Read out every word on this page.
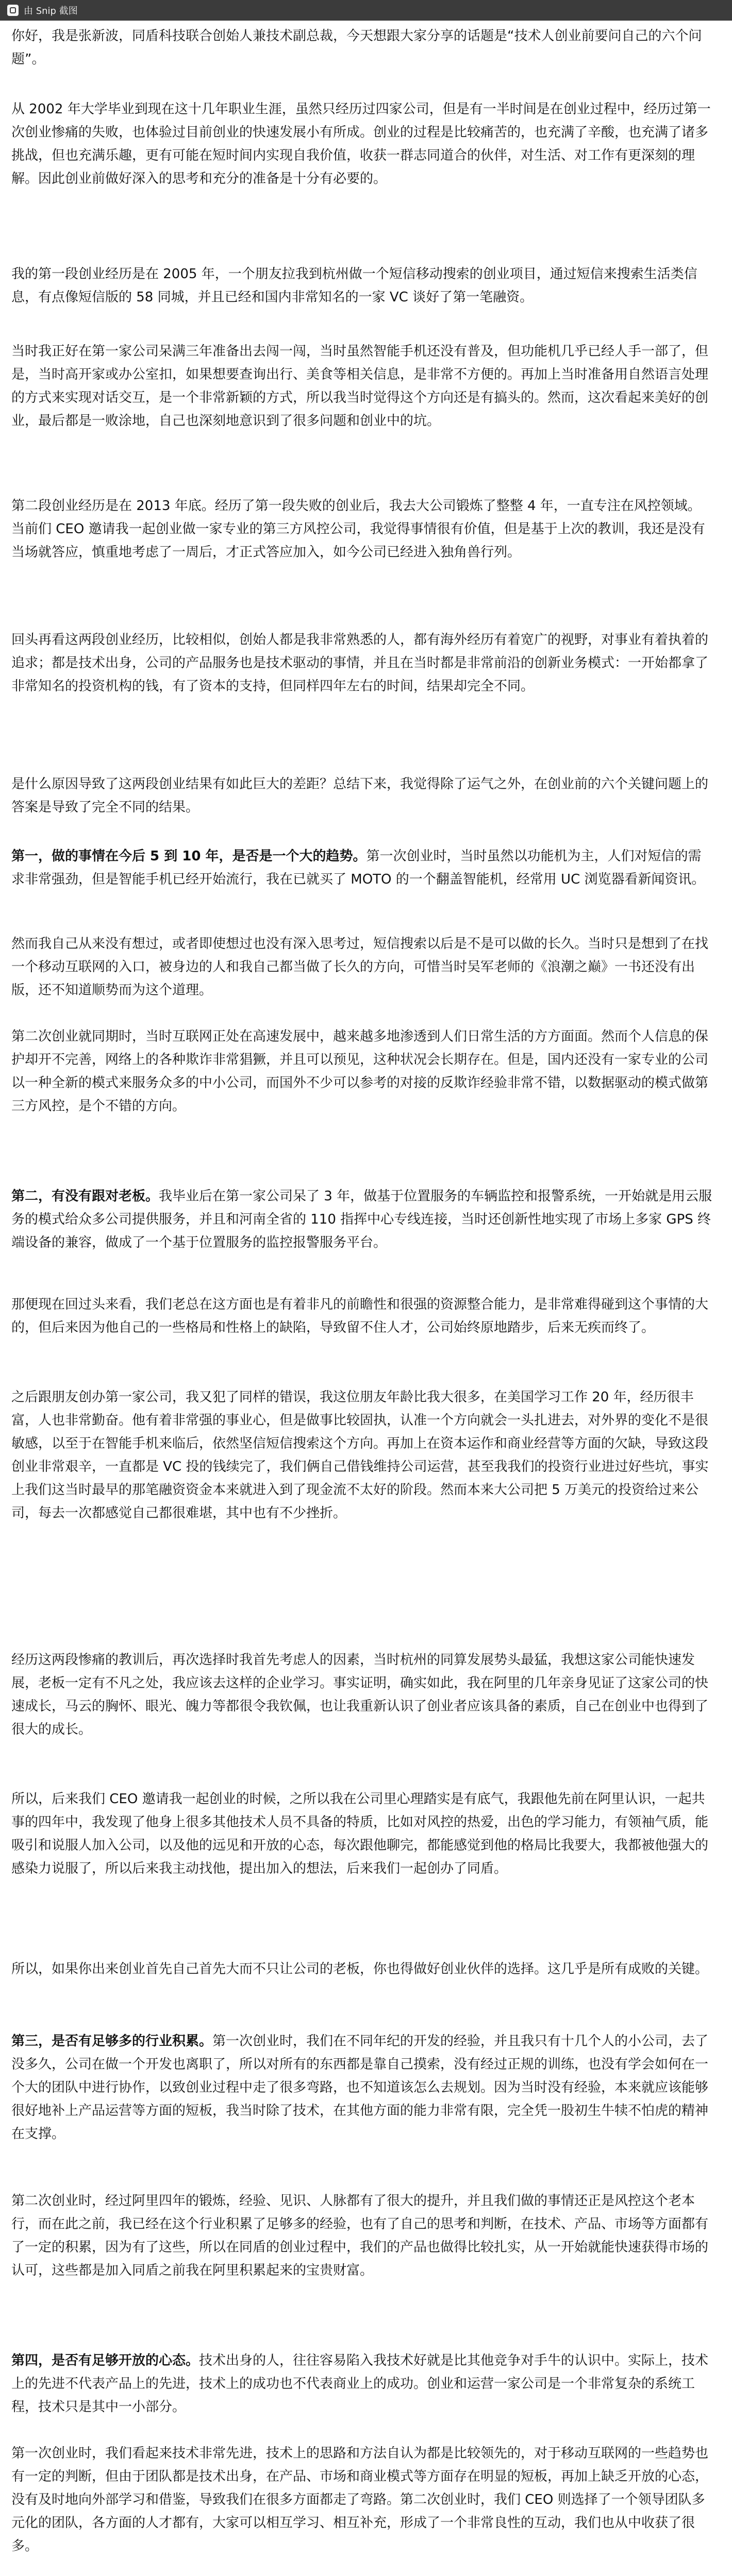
由 Snip 截图

你好，我是张新波，同盾科技联合创始人兼技术副总裁，今天想跟大家分享的话题是“技术人创业前要问自己的六个问题”。

从 2002 年大学毕业到现在这十几年职业生涯，虽然只经历过四家公司，但是有一半时间是在创业过程中，经历过第一次创业惨痛的失败，也体验过目前创业的快速发展小有所成。创业的过程是比较痛苦的，也充满了辛酸，也充满了诸多挑战，但也充满乐趣，更有可能在短时间内实现自我价值，收获一群志同道合的伙伴，对生活、对工作有更深刻的理解。因此创业前做好深入的思考和充分的准备是十分有必要的。

我的第一段创业经历是在 2005 年，一个朋友拉我到杭州做一个短信移动搜索的创业项目，通过短信来搜索生活类信息，有点像短信版的 58 同城，并且已经和国内非常知名的一家 VC 谈好了第一笔融资。

当时我正好在第一家公司呆满三年准备出去闯一闯，当时虽然智能手机还没有普及，但功能机几乎已经人手一部了，但是，当时高开家或办公室扣，如果想要查询出行、美食等相关信息，是非常不方便的。再加上当时准备用自然语言处理的方式来实现对话交互，是一个非常新颖的方式，所以我当时觉得这个方向还是有搞头的。然而，这次看起来美好的创业，最后都是一败涂地，自己也深刻地意识到了很多问题和创业中的坑。

第二段创业经历是在 2013 年底。经历了第一段失败的创业后，我去大公司锻炼了整整 4 年，一直专注在风控领域。当前们 CEO 邀请我一起创业做一家专业的第三方风控公司，我觉得事情很有价值，但是基于上次的教训，我还是没有当场就答应，慎重地考虑了一周后，才正式答应加入，如今公司已经进入独角兽行列。

回头再看这两段创业经历，比较相似，创始人都是我非常熟悉的人，都有海外经历有着宽广的视野，对事业有着执着的追求；都是技术出身，公司的产品服务也是技术驱动的事情，并且在当时都是非常前沿的创新业务模式：一开始都拿了非常知名的投资机构的钱，有了资本的支持，但同样四年左右的时间，结果却完全不同。

是什么原因导致了这两段创业结果有如此巨大的差距？总结下来，我觉得除了运气之外，在创业前的六个关键问题上的答案是导致了完全不同的结果。

第一，做的事情在今后 5 到 10 年，是否是一个大的趋势。第一次创业时，当时虽然以功能机为主，人们对短信的需求非常强劲，但是智能手机已经开始流行，我在已就买了 MOTO 的一个翻盖智能机，经常用 UC 浏览器看新闻资讯。

然而我自己从来没有想过，或者即使想过也没有深入思考过，短信搜索以后是不是可以做的长久。当时只是想到了在找一个移动互联网的入口，被身边的人和我自己都当做了长久的方向，可惜当时吴军老师的《浪潮之巅》一书还没有出版，还不知道顺势而为这个道理。

第二次创业就同期时，当时互联网正处在高速发展中，越来越多地渗透到人们日常生活的方方面面。然而个人信息的保护却开不完善，网络上的各种欺诈非常猖獗，并且可以预见，这种状况会长期存在。但是，国内还没有一家专业的公司以一种全新的模式来服务众多的中小公司，而国外不少可以参考的对接的反欺诈经验非常不错，以数据驱动的模式做第三方风控，是个不错的方向。

第二，有没有跟对老板。我毕业后在第一家公司呆了 3 年，做基于位置服务的车辆监控和报警系统，一开始就是用云服务的模式给众多公司提供服务，并且和河南全省的 110 指挥中心专线连接，当时还创新性地实现了市场上多家 GPS 终端设备的兼容，做成了一个基于位置服务的监控报警服务平台。

那便现在回过头来看，我们老总在这方面也是有着非凡的前瞻性和很强的资源整合能力，是非常难得碰到这个事情的大的，但后来因为他自己的一些格局和性格上的缺陷，导致留不住人才，公司始终原地踏步，后来无疾而终了。

之后跟朋友创办第一家公司，我又犯了同样的错误，我这位朋友年龄比我大很多，在美国学习工作 20 年，经历很丰富，人也非常勤奋。他有着非常强的事业心，但是做事比较固执，认准一个方向就会一头扎进去，对外界的变化不是很敏感，以至于在智能手机来临后，依然坚信短信搜索这个方向。再加上在资本运作和商业经营等方面的欠缺，导致这段创业非常艰辛，一直都是 VC 投的钱续完了，我们俩自己借钱维持公司运营，甚至我我们的投资行业进过好些坑，事实上我们这当时最早的那笔融资资金本来就进入到了现金流不太好的阶段。然而本来大公司把 5 万美元的投资给过来公司，每去一次都感觉自己都很难堪，其中也有不少挫折。

经历这两段惨痛的教训后，再次选择时我首先考虑人的因素，当时杭州的同算发展势头最猛，我想这家公司能快速发展，老板一定有不凡之处，我应该去这样的企业学习。事实证明，确实如此，我在阿里的几年亲身见证了这家公司的快速成长，马云的胸怀、眼光、魄力等都很令我钦佩，也让我重新认识了创业者应该具备的素质，自己在创业中也得到了很大的成长。

所以，后来我们 CEO 邀请我一起创业的时候，之所以我在公司里心理踏实是有底气，我跟他先前在阿里认识，一起共事的四年中，我发现了他身上很多其他技术人员不具备的特质，比如对风控的热爱，出色的学习能力，有领袖气质，能吸引和说服人加入公司，以及他的远见和开放的心态，每次跟他聊完，都能感觉到他的格局比我要大，我都被他强大的感染力说服了，所以后来我主动找他，提出加入的想法，后来我们一起创办了同盾。

所以，如果你出来创业首先自己首先大而不只让公司的老板，你也得做好创业伙伴的选择。这几乎是所有成败的关键。

第三，是否有足够多的行业积累。第一次创业时，我们在不同年纪的开发的经验，并且我只有十几个人的小公司，去了没多久，公司在做一个开发也离职了，所以对所有的东西都是靠自己摸索，没有经过正规的训练，也没有学会如何在一个大的团队中进行协作，以致创业过程中走了很多弯路，也不知道该怎么去规划。因为当时没有经验，本来就应该能够很好地补上产品运营等方面的短板，我当时除了技术，在其他方面的能力非常有限，完全凭一股初生牛犊不怕虎的精神在支撑。

第二次创业时，经过阿里四年的锻炼，经验、见识、人脉都有了很大的提升，并且我们做的事情还正是风控这个老本行，而在此之前，我已经在这个行业积累了足够多的经验，也有了自己的思考和判断，在技术、产品、市场等方面都有了一定的积累，因为有了这些，所以在同盾的创业过程中，我们的产品也做得比较扎实，从一开始就能快速获得市场的认可，这些都是加入同盾之前我在阿里积累起来的宝贵财富。

第四，是否有足够开放的心态。技术出身的人，往往容易陷入我技术好就是比其他竞争对手牛的认识中。实际上，技术上的先进不代表产品上的先进，技术上的成功也不代表商业上的成功。创业和运营一家公司是一个非常复杂的系统工程，技术只是其中一小部分。

第一次创业时，我们看起来技术非常先进，技术上的思路和方法自认为都是比较领先的，对于移动互联网的一些趋势也有一定的判断，但由于团队都是技术出身，在产品、市场和商业模式等方面存在明显的短板，再加上缺乏开放的心态，没有及时地向外部学习和借鉴，导致我们在很多方面都走了弯路。第二次创业时，我们 CEO 则选择了一个领导团队多元化的团队，各方面的人才都有，大家可以相互学习、相互补充，形成了一个非常良性的互动，我们也从中收获了很多。
